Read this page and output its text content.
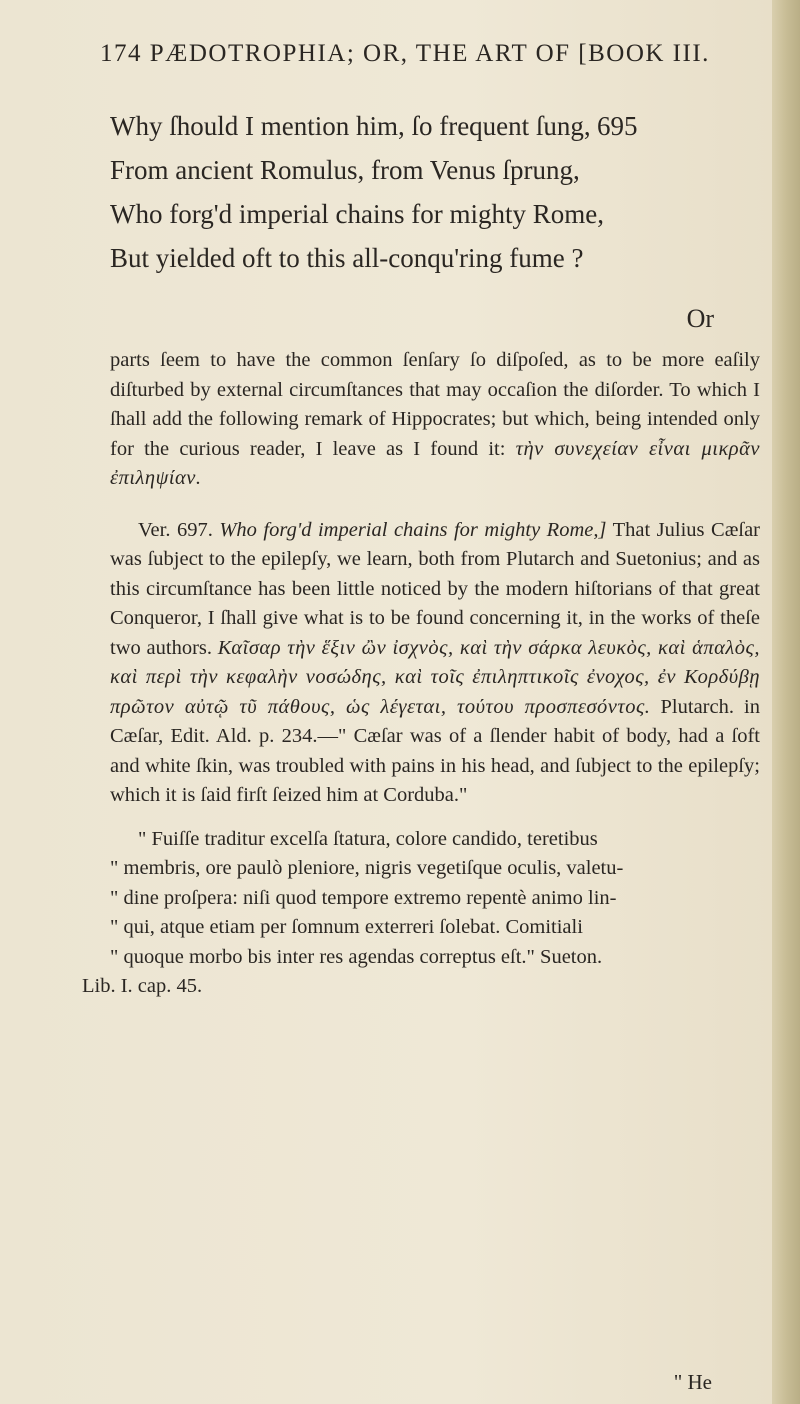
174 PÆDOTROPHIA; OR, THE ART OF [BOOK III.
Why ſhould I mention him, ſo frequent ſung, 695
From ancient Romulus, from Venus ſprung,
Who forg'd imperial chains for mighty Rome,
But yielded oft to this all-conqu'ring fume ?
Or

parts ſeem to have the common ſenſary ſo diſpoſed, as to be more eaſily diſturbed by external circumſtances that may occaſion the diſorder. To which I ſhall add the following remark of Hippocrates; but which, being intended only for the curious reader, I leave as I found it: τὴν συνεχείαν εἶναι μικρᾶν ἐπιληψίαν.

Ver. 697. Who forg'd imperial chains for mighty Rome,] That Julius Cæſar was ſubject to the epilepſy, we learn, both from Plutarch and Suetonius; and as this circumſtance has been little noticed by the modern hiſtorians of that great Conqueror, I ſhall give what is to be found concerning it, in the works of theſe two authors. Καῖσαρ τὴν ἕξιν ὢν ἰσχνὸς, καὶ τὴν σάρκα λευκὸς, καὶ ἁπαλὸς, καὶ περὶ τὴν κεφαλὴν νοσώδης, καὶ τοῖς ἐπιληπτικοῖς ἐνοχος, ἐν Κορδύβῃ πρῶτον αὐτῷ τῦ πάθους, ὡς λέγεται, τούτου προσπεσόντος. Plutarch. in Cæſar, Edit. Ald. p. 234.—" Cæſar was of a ſlender habit of body, had a ſoft and white ſkin, was troubled with pains in his head, and ſubject to the epilepſy; which it is ſaid firſt ſeized him at Corduba."

" Fuiſſe traditur excelſa ſtatura, colore candido, teretibus
" membris, ore paulò pleniore, nigris vegetiſque oculis, valetu-
" dine proſpera: niſi quod tempore extremo repentè animo lin-
" qui, atque etiam per ſomnum exterreri ſolebat. Comitiali
" quoque morbo bis inter res agendas correptus eſt." Sueton.
Lib. I. cap. 45.

" He
